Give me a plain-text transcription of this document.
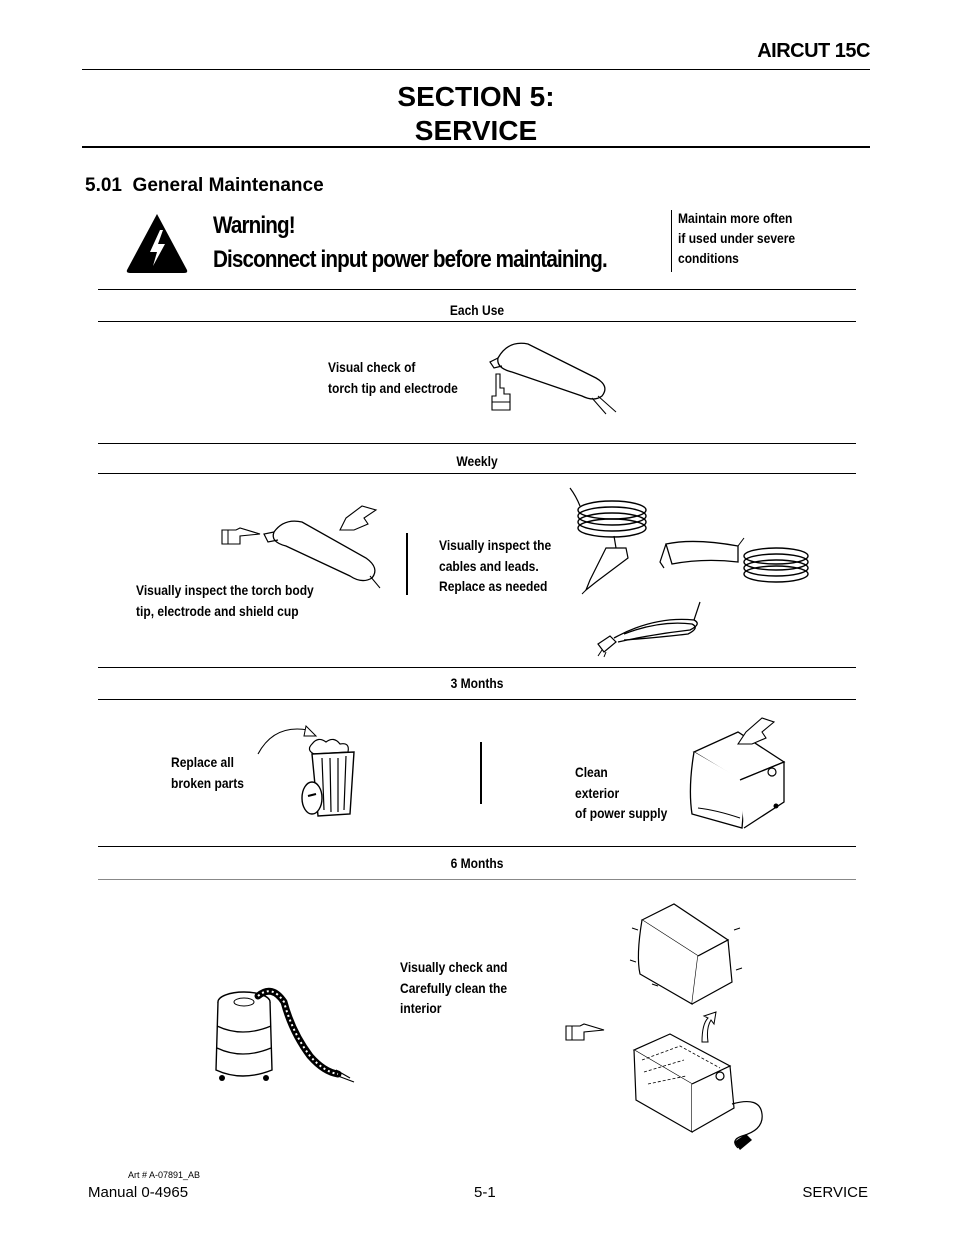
AIRCUT 15C
SECTION 5:
SERVICE
5.01 General Maintenance
Warning!
Disconnect input power before maintaining.
Maintain more often
if used under severe
conditions
Each Use
Visual check of
torch tip and electrode
Weekly
Visually inspect the torch body
tip, electrode and shield cup
Visually inspect the
cables and leads.
Replace as needed
3 Months
Replace all
broken parts
Clean
exterior
of power supply
6 Months
Visually check and
Carefully clean the
interior
Art # A-07891_AB
Manual 0-4965	5-1	SERVICE
